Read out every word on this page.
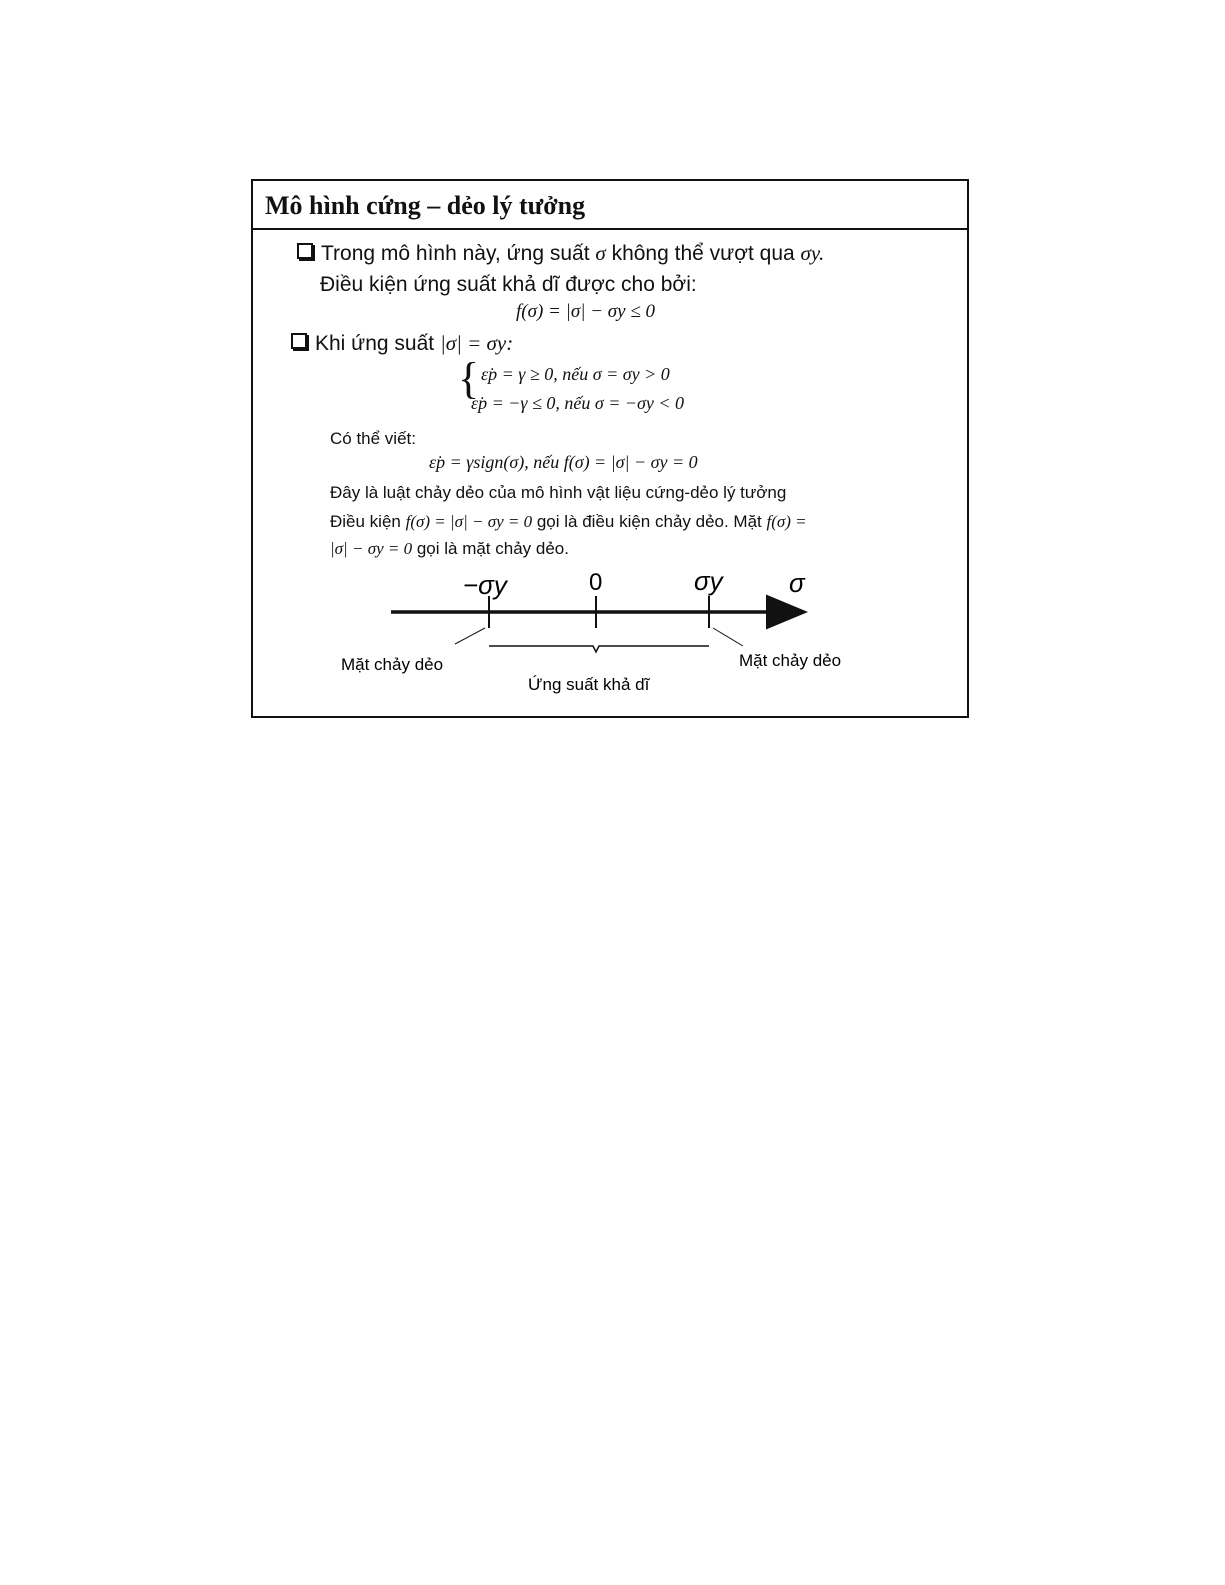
Mô hình cứng – dẻo lý tưởng
Trong mô hình này, ứng suất σ không thể vượt qua σy.
Điều kiện ứng suất khả dĩ được cho bởi:
f(σ) = |σ| − σy ≤ 0
Khi ứng suất |σ| = σy:
{ ε̇p = γ ≥ 0, nếu σ = σy > 0
ε̇p = −γ ≤ 0, nếu σ = −σy < 0
Có thể viết:
ε̇p = γsign(σ), nếu f(σ) = |σ| − σy = 0
Đây là luật chảy dẻo của mô hình vật liệu cứng-dẻo lý tưởng
Điều kiện f(σ) = |σ| − σy = 0 gọi là điều kiện chảy dẻo. Mặt f(σ) =
|σ| − σy = 0 gọi là mặt chảy dẻo.
−σy	0	σy	σ
Mặt chảy dẻo
Ứng suất khả dĩ
Mặt chảy dẻo
